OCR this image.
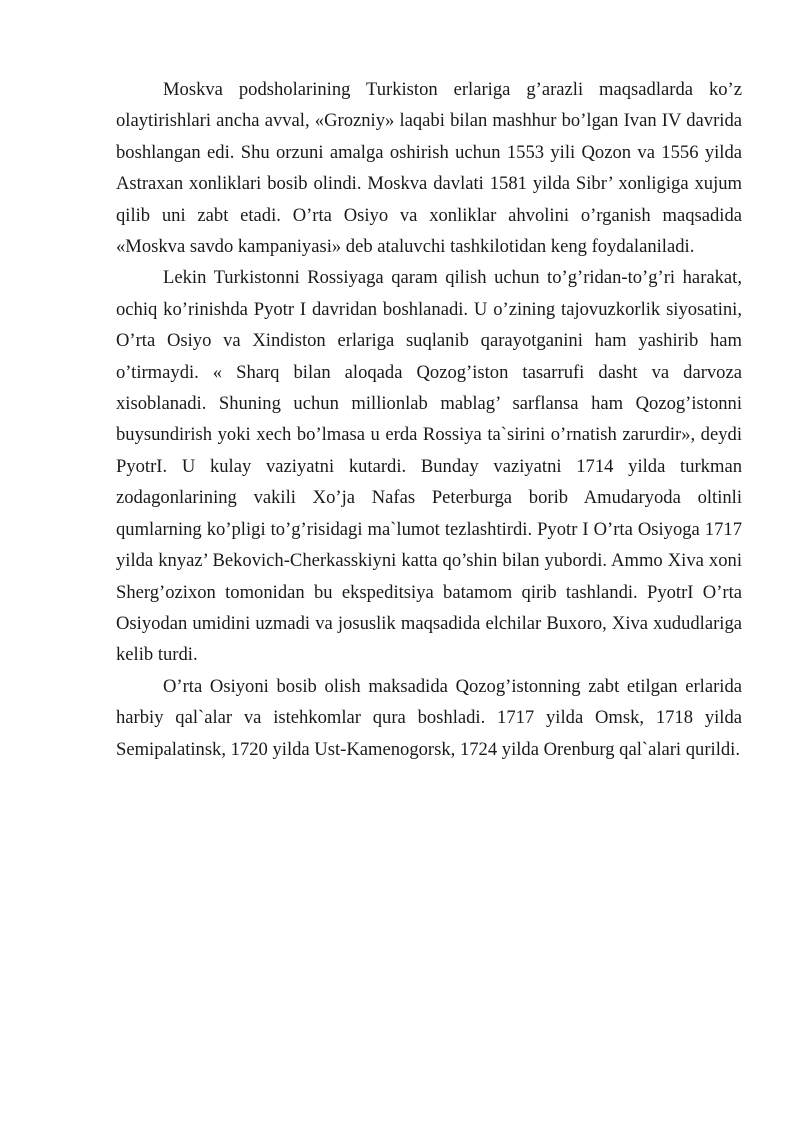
Moskva podsholarining Turkiston erlariga g’arazli maqsadlarda ko’z olaytirishlari ancha avval, «Grozniy» laqabi bilan mashhur bo’lgan Ivan IV davrida boshlangan edi. Shu orzuni amalga oshirish uchun 1553 yili Qozon va 1556 yilda Astraxan xonliklari bosib olindi. Moskva davlati 1581 yilda Sibr’ xonligiga xujum qilib uni zabt etadi. O’rta Osiyo va xonliklar ahvolini o’rganish maqsadida «Moskva savdo kampaniyasi» deb ataluvchi tashkilotidan keng foydalaniladi.

Lekin Turkistonni Rossiyaga qaram qilish uchun to’g’ridan-to’g’ri harakat, ochiq ko’rinishda Pyotr I davridan boshlanadi. U o’zining tajovuzkorlik siyosatini, O’rta Osiyo va Xindiston erlariga suqlanib qarayotganini ham yashirib ham o’tirmaydi. « Sharq bilan aloqada Qozog’iston tasarrufi dasht va darvoza xisoblanadi. Shuning uchun millionlab mablag’ sarflansa ham Qozog’istonni buysundirish yoki xech bo’lmasa u erda Rossiya ta`sirini o’rnatish zarurdir», deydi PyotrI. U kulay vaziyatni kutardi. Bunday vaziyatni 1714 yilda turkman zodagonlarining vakili Xo’ja Nafas Peterburga borib Amudaryoda oltinli qumlarning ko’pligi to’g’risidagi ma`lumot tezlashtirdi. Pyotr I O’rta Osiyoga 1717 yilda knyaz’ Bekovich-Cherkasskiyni katta qo’shin bilan yubordi. Ammo Xiva xoni Sherg’ozixon tomonidan bu ekspeditsiya batamom qirib tashlandi. PyotrI O’rta Osiyodan umidini uzmadi va josuslik maqsadida elchilar Buxoro, Xiva xududlariga kelib turdi.

O’rta Osiyoni bosib olish maksadida Qozog’istonning zabt etilgan erlarida harbiy qal`alar va istehkomlar qura boshladi. 1717 yilda Omsk, 1718 yilda Semipalatinsk, 1720 yilda Ust-Kamenogorsk, 1724 yilda Orenburg qal`alari qurildi.
